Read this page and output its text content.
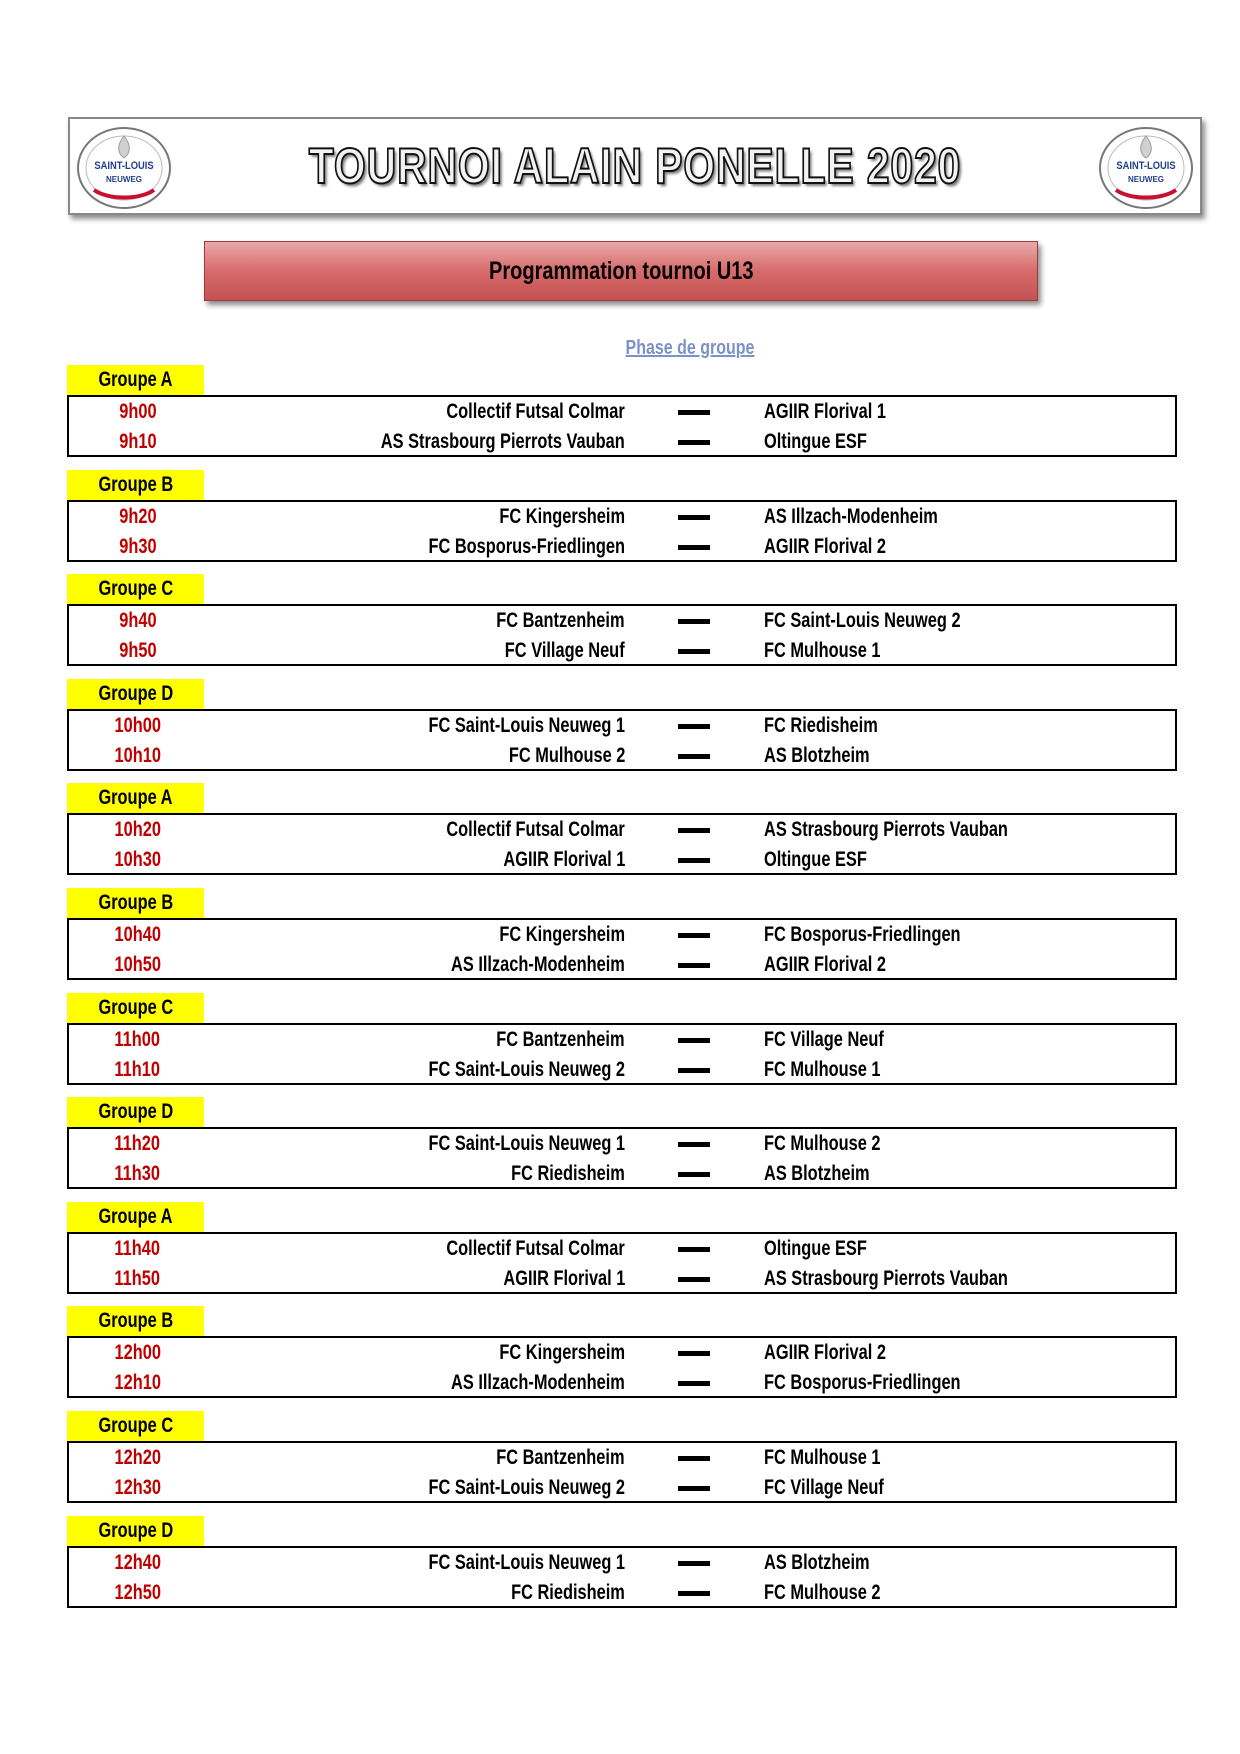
SAINT-LOUIS
NEUWEG	TOURNOI ALAIN PONELLE 2020	SAINT-LOUIS
NEUWEG
Programmation tournoi U13
Phase de groupe
Groupe A
9h00	Collectif Futsal Colmar	AGIIR Florival 1
9h10	AS Strasbourg Pierrots Vauban	Oltingue ESF
Groupe B
9h20	FC Kingersheim	AS Illzach-Modenheim
9h30	FC Bosporus-Friedlingen	AGIIR Florival 2
Groupe C
9h40	FC Bantzenheim	FC Saint-Louis Neuweg 2
9h50	FC Village Neuf	FC Mulhouse 1
Groupe D
10h00	FC Saint-Louis Neuweg 1	FC Riedisheim
10h10	FC Mulhouse 2	AS Blotzheim
Groupe A
10h20	Collectif Futsal Colmar	AS Strasbourg Pierrots Vauban
10h30	AGIIR Florival 1	Oltingue ESF
Groupe B
10h40	FC Kingersheim	FC Bosporus-Friedlingen
10h50	AS Illzach-Modenheim	AGIIR Florival 2
Groupe C
11h00	FC Bantzenheim	FC Village Neuf
11h10	FC Saint-Louis Neuweg 2	FC Mulhouse 1
Groupe D
11h20	FC Saint-Louis Neuweg 1	FC Mulhouse 2
11h30	FC Riedisheim	AS Blotzheim
Groupe A
11h40	Collectif Futsal Colmar	Oltingue ESF
11h50	AGIIR Florival 1	AS Strasbourg Pierrots Vauban
Groupe B
12h00	FC Kingersheim	AGIIR Florival 2
12h10	AS Illzach-Modenheim	FC Bosporus-Friedlingen
Groupe C
12h20	FC Bantzenheim	FC Mulhouse 1
12h30	FC Saint-Louis Neuweg 2	FC Village Neuf
Groupe D
12h40	FC Saint-Louis Neuweg 1	AS Blotzheim
12h50	FC Riedisheim	FC Mulhouse 2
